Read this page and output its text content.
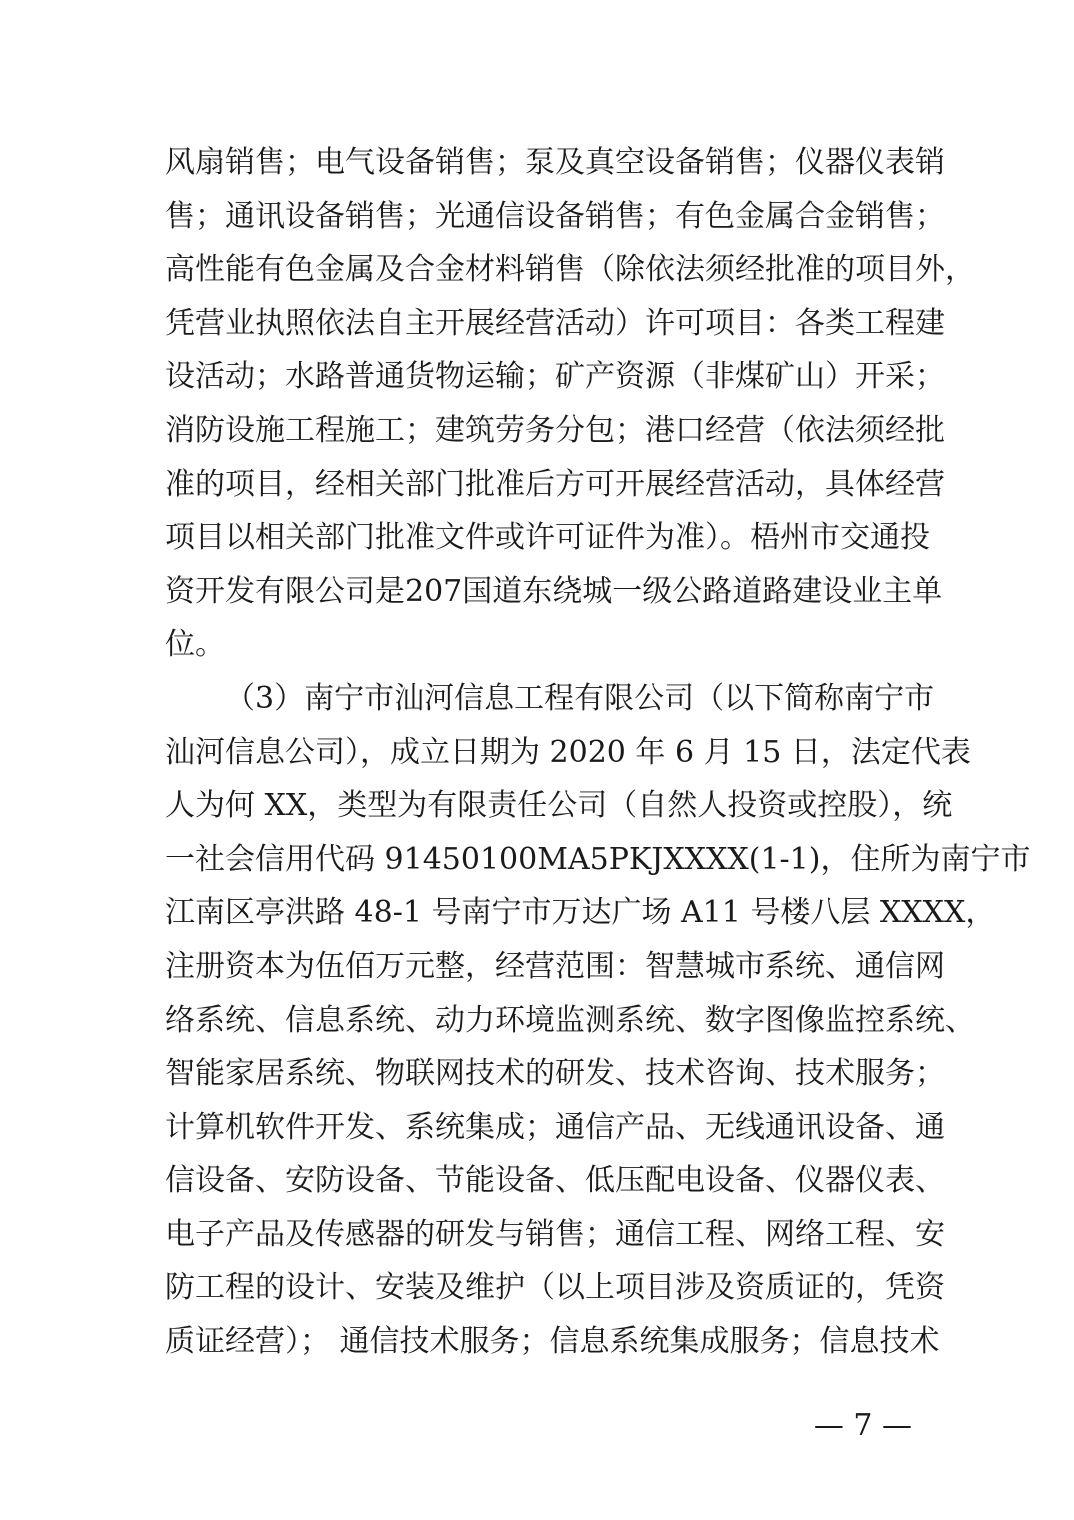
风扇销售；电气设备销售；泵及真空设备销售；仪器仪表销
售；通讯设备销售；光通信设备销售；有色金属合金销售；
高性能有色金属及合金材料销售（除依法须经批准的项目外，
凭营业执照依法自主开展经营活动）许可项目：各类工程建
设活动；水路普通货物运输；矿产资源（非煤矿山）开采；
消防设施工程施工；建筑劳务分包；港口经营（依法须经批
准的项目，经相关部门批准后方可开展经营活动，具体经营
项目以相关部门批准文件或许可证件为准）。梧州市交通投
资开发有限公司是207国道东绕城一级公路道路建设业主单
位。
（3）南宁市汕河信息工程有限公司（以下简称南宁市
汕河信息公司），成立日期为 2020 年 6 月 15 日，法定代表
人为何 XX，类型为有限责任公司（自然人投资或控股），统
一社会信用代码 91450100MA5PKJXXXX(1-1)，住所为南宁市
江南区亭洪路 48-1 号南宁市万达广场 A11 号楼八层 XXXX，
注册资本为伍佰万元整，经营范围：智慧城市系统、通信网
络系统、信息系统、动力环境监测系统、数字图像监控系统、
智能家居系统、物联网技术的研发、技术咨询、技术服务；
计算机软件开发、系统集成；通信产品、无线通讯设备、通
信设备、安防设备、节能设备、低压配电设备、仪器仪表、
电子产品及传感器的研发与销售；通信工程、网络工程、安
防工程的设计、安装及维护（以上项目涉及资质证的，凭资
质证经营）； 通信技术服务；信息系统集成服务；信息技术
— 7 —
